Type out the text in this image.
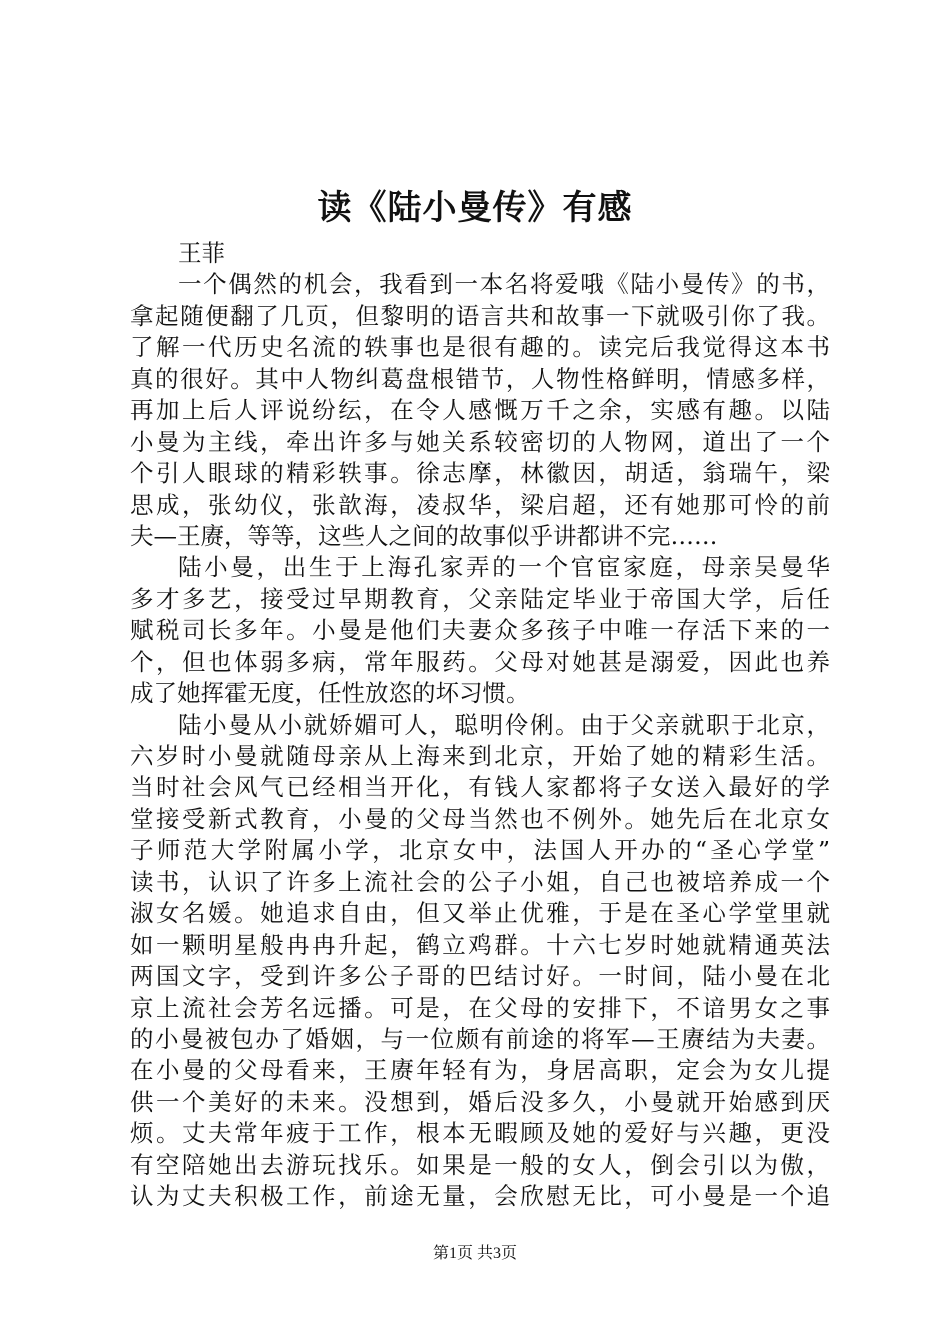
读《陆小曼传》有感
王菲
一个偶然的机会，我看到一本名将爱哦《陆小曼传》的书，
拿起随便翻了几页，但黎明的语言共和故事一下就吸引你了我。
了解一代历史名流的轶事也是很有趣的。读完后我觉得这本书
真的很好。其中人物纠葛盘根错节，人物性格鲜明，情感多样，
再加上后人评说纷纭，在令人感慨万千之余，实感有趣。以陆
小曼为主线，牵出许多与她关系较密切的人物网，道出了一个
个引人眼球的精彩轶事。徐志摩，林徽因，胡适，翁瑞午，梁
思成，张幼仪，张歆海，凌叔华，梁启超，还有她那可怜的前
夫—王赓，等等，这些人之间的故事似乎讲都讲不完……
陆小曼，出生于上海孔家弄的一个官宦家庭，母亲吴曼华
多才多艺，接受过早期教育，父亲陆定毕业于帝国大学，后任
赋税司长多年。小曼是他们夫妻众多孩子中唯一存活下来的一
个，但也体弱多病，常年服药。父母对她甚是溺爱，因此也养
成了她挥霍无度，任性放恣的坏习惯。
陆小曼从小就娇媚可人，聪明伶俐。由于父亲就职于北京，
六岁时小曼就随母亲从上海来到北京，开始了她的精彩生活。
当时社会风气已经相当开化，有钱人家都将子女送入最好的学
堂接受新式教育，小曼的父母当然也不例外。她先后在北京女
子师范大学附属小学，北京女中，法国人开办的“圣心学堂”
读书，认识了许多上流社会的公子小姐，自己也被培养成一个
淑女名媛。她追求自由，但又举止优雅，于是在圣心学堂里就
如一颗明星般冉冉升起，鹤立鸡群。十六七岁时她就精通英法
两国文字，受到许多公子哥的巴结讨好。一时间，陆小曼在北
京上流社会芳名远播。可是，在父母的安排下，不谙男女之事
的小曼被包办了婚姻，与一位颇有前途的将军—王赓结为夫妻。
在小曼的父母看来，王赓年轻有为，身居高职，定会为女儿提
供一个美好的未来。没想到，婚后没多久，小曼就开始感到厌
烦。丈夫常年疲于工作，根本无暇顾及她的爱好与兴趣，更没
有空陪她出去游玩找乐。如果是一般的女人，倒会引以为傲，
认为丈夫积极工作，前途无量，会欣慰无比，可小曼是一个追
第1页 共3页
